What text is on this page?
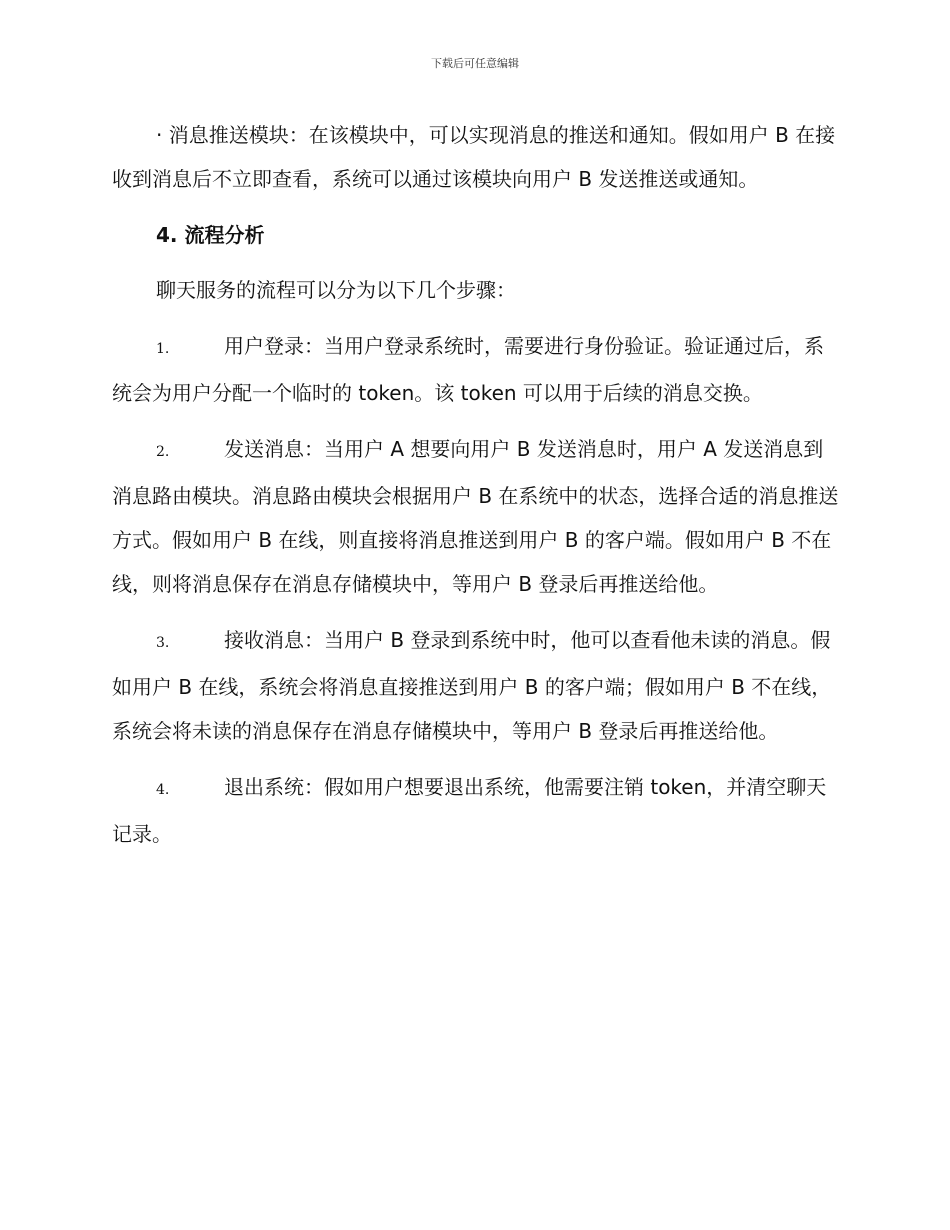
下载后可任意编辑

· 消息推送模块：在该模块中，可以实现消息的推送和通知。假如用户 B 在接收到消息后不立即查看，系统可以通过该模块向用户 B 发送推送或通知。

4. 流程分析

聊天服务的流程可以分为以下几个步骤：

1.	用户登录：当用户登录系统时，需要进行身份验证。验证通过后，系统会为用户分配一个临时的 token。该 token 可以用于后续的消息交换。

2.	发送消息：当用户 A 想要向用户 B 发送消息时，用户 A 发送消息到消息路由模块。消息路由模块会根据用户 B 在系统中的状态，选择合适的消息推送方式。假如用户 B 在线，则直接将消息推送到用户 B 的客户端。假如用户 B 不在线，则将消息保存在消息存储模块中，等用户 B 登录后再推送给他。

3.	接收消息：当用户 B 登录到系统中时，他可以查看他未读的消息。假如用户 B 在线，系统会将消息直接推送到用户 B 的客户端；假如用户 B 不在线，系统会将未读的消息保存在消息存储模块中，等用户 B 登录后再推送给他。

4.	退出系统：假如用户想要退出系统，他需要注销 token，并清空聊天记录。
